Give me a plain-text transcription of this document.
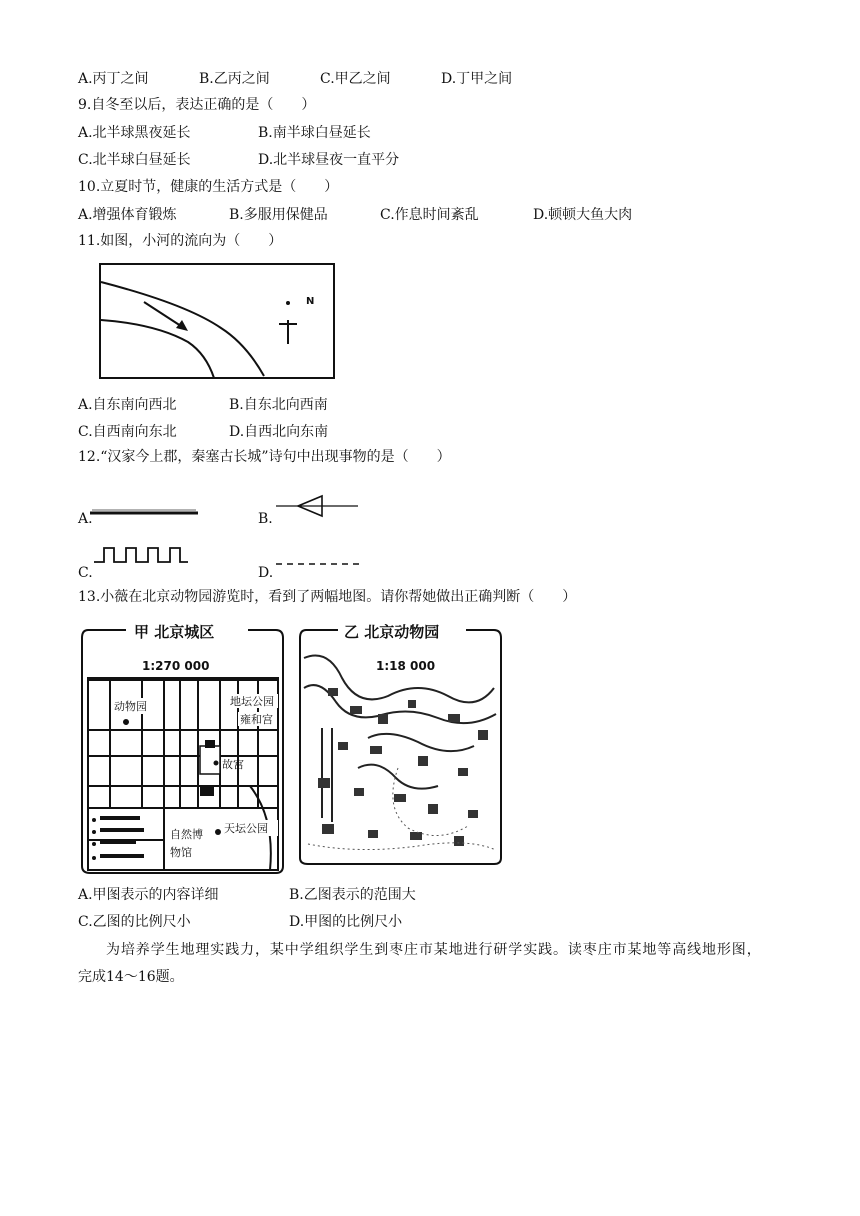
A.丙丁之间	B.乙丙之间	C.甲乙之间	D.丁甲之间
9.自冬至以后，表达正确的是（　　）
A.北半球黑夜延长	B.南半球白昼延长
C.北半球白昼延长	D.北半球昼夜一直平分
10.立夏时节，健康的生活方式是（　　）
A.增强体育锻炼	B.多服用保健品	C.作息时间紊乱	D.顿顿大鱼大肉
11.如图，小河的流向为（　　）
N
A.自东南向西北	B.自东北向西南
C.自西南向东北	D.自西北向东南
12.“汉家今上郡，秦塞古长城”诗句中出现事物的是（　　）
A.	B.
C.	D.
13.小薇在北京动物园游览时，看到了两幅地图。请你帮她做出正确判断（　　）
甲 北京城区
1:270 000
地坛公园
雍和宫
动物园
故宫
自然博
物馆
天坛公园
乙 北京动物园
1:18 000
A.甲图表示的内容详细	B.乙图表示的范围大
C.乙图的比例尺小	D.甲图的比例尺小
为培养学生地理实践力，某中学组织学生到枣庄市某地进行研学实践。读枣庄市某地等高线地形图，
完成14～16题。
